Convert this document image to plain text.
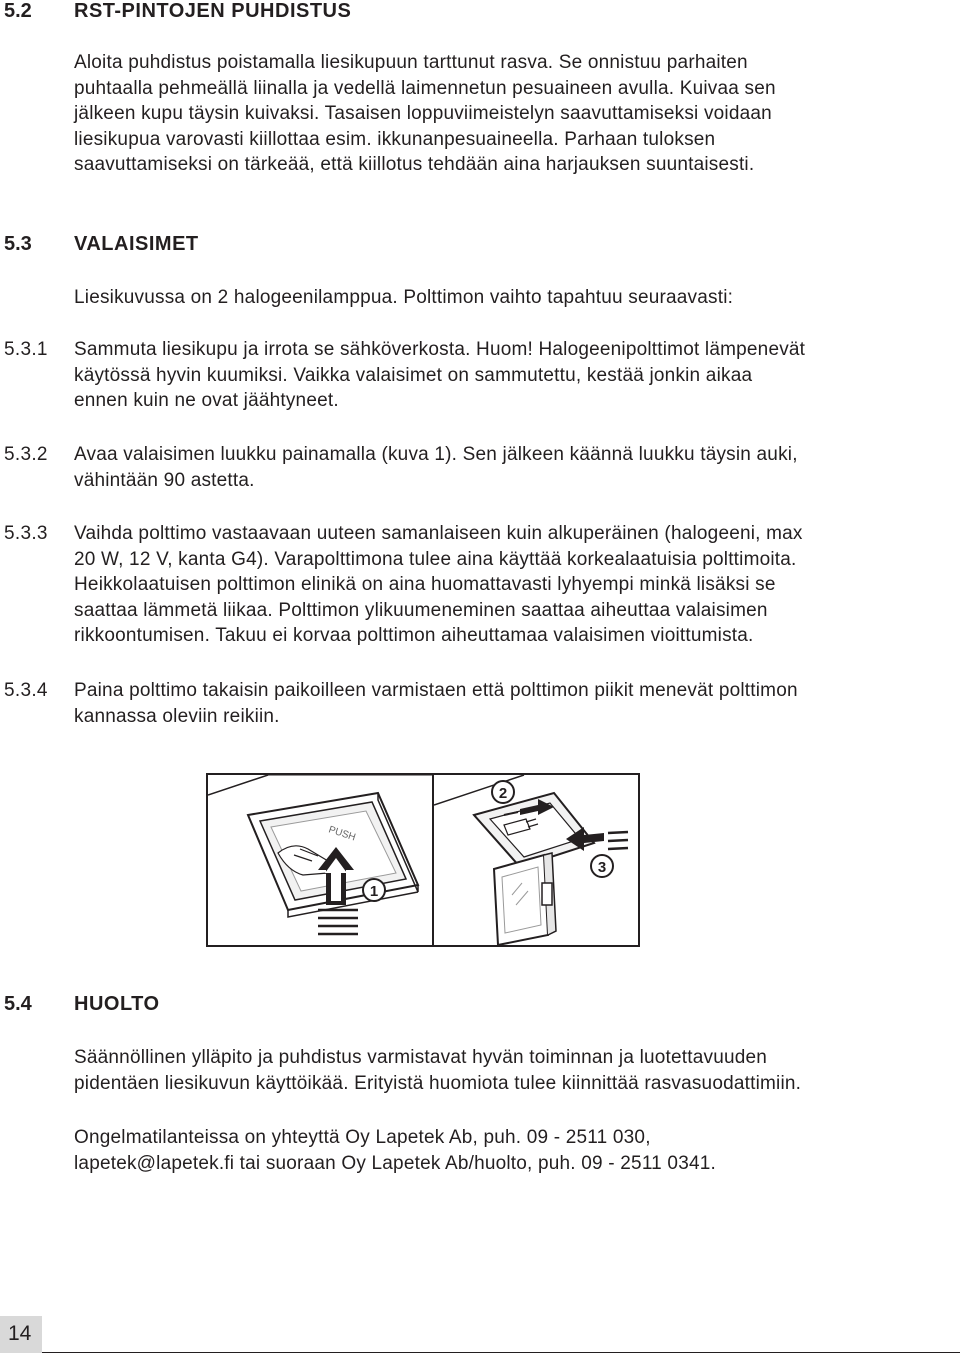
5.2 RST-PINTOJEN PUHDISTUS
Aloita puhdistus poistamalla liesikupuun tarttunut rasva. Se onnistuu parhaiten
puhtaalla pehmeällä liinalla ja vedellä laimennetun pesuaineen avulla. Kuivaa sen
jälkeen kupu täysin kuivaksi. Tasaisen loppuviimeistelyn saavuttamiseksi voidaan
liesikupua varovasti kiillottaa esim. ikkunanpesuaineella. Parhaan tuloksen
saavuttamiseksi on tärkeää, että kiillotus tehdään aina harjauksen suuntaisesti.
5.3 VALAISIMET
Liesikuvussa on 2 halogeenilamppua. Polttimon vaihto tapahtuu seuraavasti:
5.3.1 Sammuta liesikupu ja irrota se sähköverkosta. Huom! Halogeenipolttimot lämpenevät
käytössä hyvin kuumiksi. Vaikka valaisimet on sammutettu, kestää jonkin aikaa
ennen kuin ne ovat jäähtyneet.
5.3.2 Avaa valaisimen luukku painamalla (kuva 1). Sen jälkeen käännä luukku täysin auki,
vähintään 90 astetta.
5.3.3 Vaihda polttimo vastaavaan uuteen samanlaiseen kuin alkuperäinen (halogeeni, max
20 W, 12 V, kanta G4). Varapolttimona tulee aina käyttää korkealaatuisia polttimoita.
Heikkolaatuisen polttimon elinikä on aina huomattavasti lyhyempi minkä lisäksi se
saattaa lämmetä liikaa. Polttimon ylikuumeneminen saattaa aiheuttaa valaisimen
rikkoontumisen. Takuu ei korvaa polttimon aiheuttamaa valaisimen vioittumista.
5.3.4 Paina polttimo takaisin paikoilleen varmistaen että polttimon piikit menevät polttimon
kannassa oleviin reikiin.
PUSH
1
2
3
5.4 HUOLTO
Säännöllinen ylläpito ja puhdistus varmistavat hyvän toiminnan ja luotettavuuden
pidentäen liesikuvun käyttöikää. Erityistä huomiota tulee kiinnittää rasvasuodattimiin.
Ongelmatilanteissa on yhteyttä Oy Lapetek Ab, puh. 09 - 2511 030,
lapetek@lapetek.fi tai suoraan Oy Lapetek Ab/huolto, puh. 09 - 2511 0341.
14
